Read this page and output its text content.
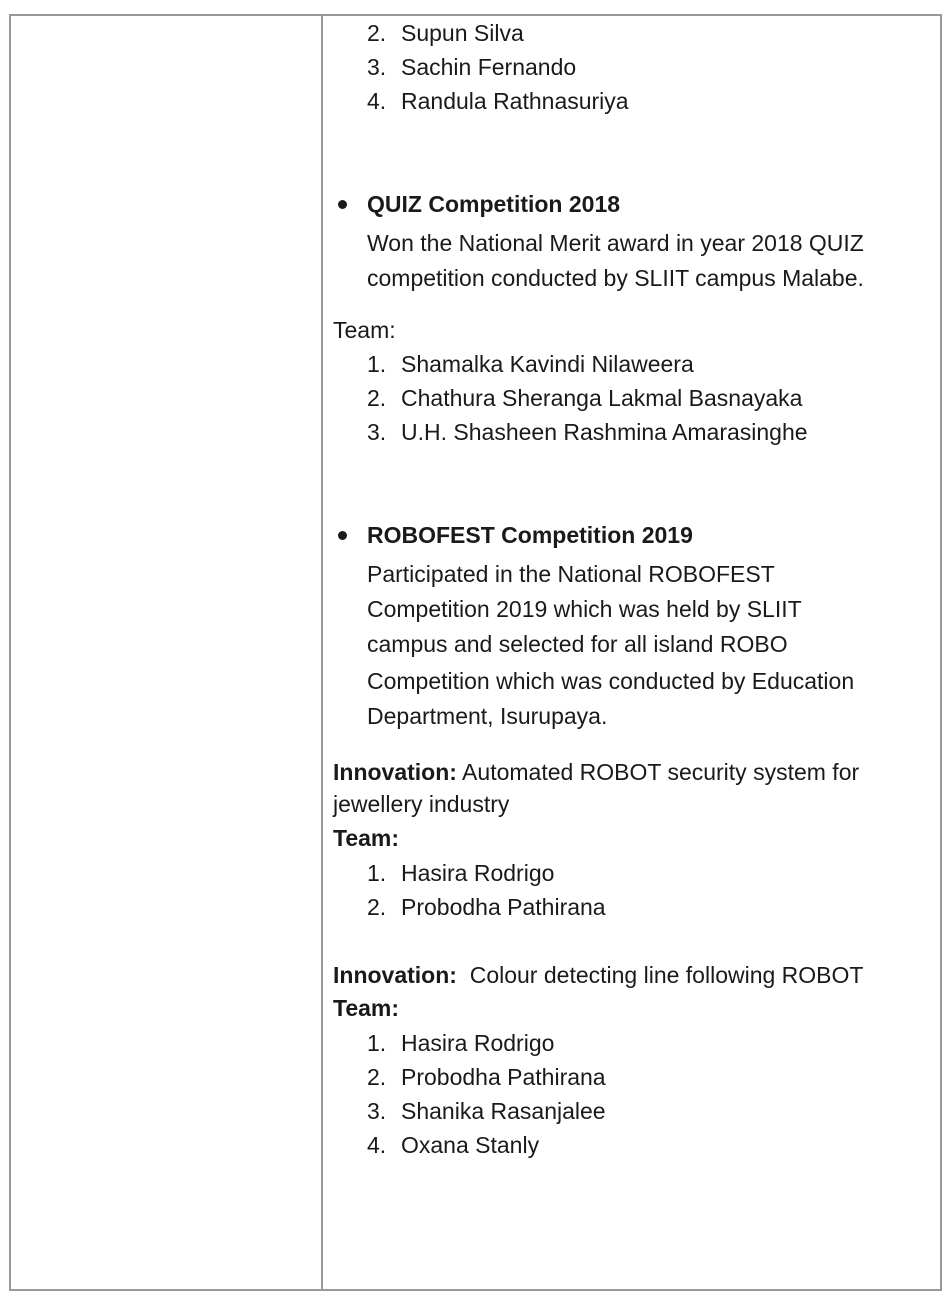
2. Supun Silva
3. Sachin Fernando
4. Randula Rathnasuriya
QUIZ Competition 2018
Won the National Merit award in year 2018 QUIZ
competition conducted by SLIIT campus Malabe.
Team:
1. Shamalka Kavindi Nilaweera
2. Chathura Sheranga Lakmal Basnayaka
3. U.H. Shasheen Rashmina Amarasinghe
ROBOFEST Competition 2019
Participated in the National ROBOFEST
Competition 2019 which was held by SLIIT
campus and selected for all island ROBO
Competition which was conducted by Education
Department, Isurupaya.
Innovation: Automated ROBOT security system for
jewellery industry
Team:
1. Hasira Rodrigo
2. Probodha Pathirana
Innovation:  Colour detecting line following ROBOT
Team:
1. Hasira Rodrigo
2. Probodha Pathirana
3. Shanika Rasanjalee
4. Oxana Stanly
